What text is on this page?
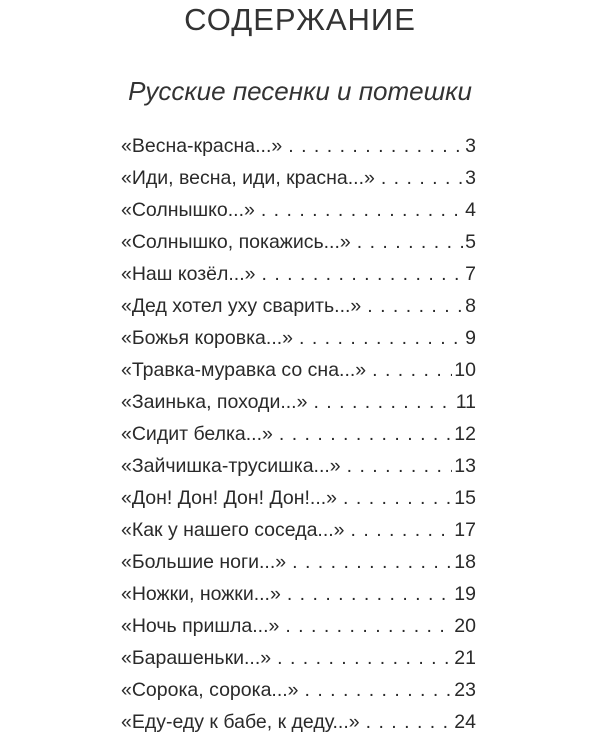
СОДЕРЖАНИЕ
Русские песенки и потешки
«Весна-красна...» . . .	3
«Иди, весна, иди, красна...» . . .	3
«Солнышко...» . . .	4
«Солнышко, покажись...» . . .	5
«Наш козёл...» . . .	7
«Дед хотел уху сварить...» . . .	8
«Божья коровка...» . . .	9
«Травка-муравка со сна...» . . .	10
«Заинька, походи...» . . .	11
«Сидит белка...» . . .	12
«Зайчишка-трусишка...» . . .	13
«Дон! Дон! Дон! Дон!...» . . .	15
«Как у нашего соседа...» . . .	17
«Большие ноги...» . . .	18
«Ножки, ножки...» . . .	19
«Ночь пришла...» . . .	20
«Барашеньки...» . . .	21
«Сорока, сорока...» . . .	23
«Еду-еду к бабе, к деду...» . . .	24
